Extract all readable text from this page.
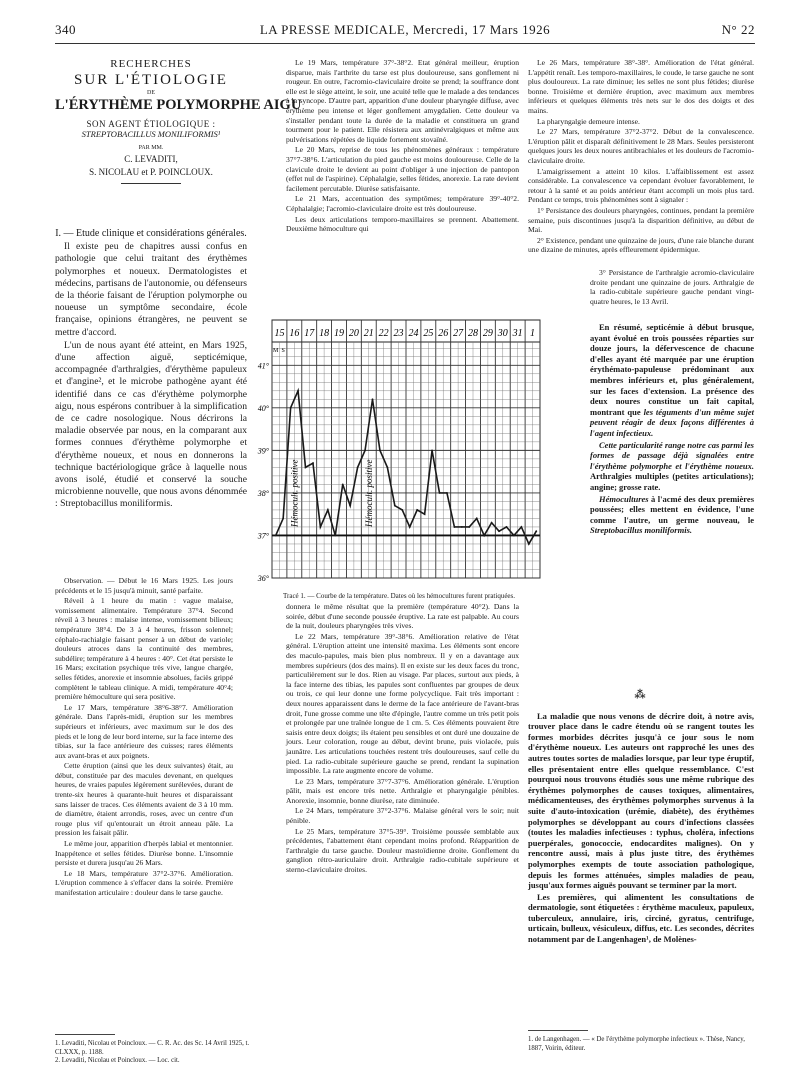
340	LA PRESSE MEDICALE, Mercredi, 17 Mars 1926	N° 22
RECHERCHES
SUR L'ÉTIOLOGIE
DE
L'ÉRYTHÈME POLYMORPHE AIGU
SON AGENT ÉTIOLOGIQUE :
STREPTOBACILLUS MONILIFORMIS¹
PAR MM.
C. LEVADITI,
S. NICOLAU et P. POINCLOUX.

I. — Etude clinique et considérations générales.

Il existe peu de chapitres aussi confus en pathologie que celui traitant des érythèmes polymorphes et noueux. Dermatologistes et médecins, partisans de l'autonomie, ou défenseurs de la théorie faisant de l'éruption polymorphe ou noueuse un symptôme secondaire, école française, opinions étrangères, ne peuvent se mettre d'accord.

L'un de nous ayant été atteint, en Mars 1925, d'une affection aiguë, septicémique, accompagnée d'arthralgies, d'érythème papuleux et d'angine², et le microbe pathogène ayant été identifié dans ce cas d'érythème polymorphe aigu, nous espérons contribuer à la simplification de ce cadre nosologique. Nous décrirons la maladie observée par nous, en la comparant aux formes connues d'érythème polymorphe et d'érythème noueux, et nous en donnerons la technique bactériologique grâce à laquelle nous avons isolé, étudié et conservé la souche microbienne nouvelle, que nous avons dénommée : Streptobacillus moniliformis.

Observation. — Début le 16 Mars 1925. Les jours précédents et le 15 jusqu'à minuit, santé parfaite.

Réveil à 1 heure du matin : vague malaise, vomissement alimentaire. Température 37°4. Second réveil à 3 heures : malaise intense, vomissement bilieux; température 38°4. De 3 à 4 heures, frisson solennel; céphalo-rachialgie faisant penser à un début de variole; douleurs atroces dans la continuité des membres, subdélire; température à 4 heures : 40°. Cet état persiste le 16 Mars; excitation psychique très vive, langue chargée, selles fétides, anorexie et insomnie absolues, faciès grippé complètent le tableau clinique. A midi, température 40°4; première hémoculture qui sera positive.

Le 17 Mars, température 38°6-38°7. Amélioration générale. Dans l'après-midi, éruption sur les membres supérieurs et inférieurs, avec maximum sur le dos des pieds et le long de leur bord interne, sur la face interne des tibias, sur la face antérieure des cuisses; rares éléments aux avant-bras et aux poignets.

Cette éruption (ainsi que les deux suivantes) était, au début, constituée par des macules devenant, en quelques heures, de vraies papules légèrement surélevées, durant de trente-six heures à quarante-huit heures et disparaissant sans laisser de traces. Ces éléments avaient de 3 à 10 mm. de diamètre, étaient arrondis, roses, avec un centre d'un rouge plus vif qu'entourait un étroit anneau pâle. La pression les faisait pâlir.

Le même jour, apparition d'herpès labial et mentonnier. Inappétence et selles fétides. Diurèse bonne. L'insomnie persiste et durera jusqu'au 26 Mars.

Le 18 Mars, température 37°2-37°6. Amélioration. L'éruption commence à s'effacer dans la soirée. Première manifestation articulaire : douleur dans le tarse gauche.

1. Levaditi, Nicolau et Poincloux. — C. R. Ac. des Sc. 14 Avril 1925, t. CLXXX, p. 1188.
2. Levaditi, Nicolau et Poincloux. — Loc. cit.

Le 19 Mars, température 37°-38°2. Etat général meilleur, éruption disparue, mais l'arthrite du tarse est plus douloureuse, sans gonflement ni rougeur. En outre, l'acromio-claviculaire droite se prend; la souffrance dont elle est le siège atteint, le soir, une acuité telle que le malade a des tendances à la syncope. D'autre part, apparition d'une douleur pharyngée diffuse, avec érythème peu intense et léger gonflement amygdalien. Cette douleur va s'installer pendant toute la durée de la maladie et constituera un grand tourment pour le patient. Elle résistera aux antinévralgiques et même aux pulvérisations répétées de liquide fortement stovaïné.

Le 20 Mars, reprise de tous les phénomènes généraux : température 37°7-38°6. L'articulation du pied gauche est moins douloureuse. Celle de la clavicule droite le devient au point d'obliger à une injection de pantopon (effet nul de l'aspirine). Céphalalgie, selles fétides, anorexie. La rate devient facilement percutable. Diurèse satisfaisante.

Le 21 Mars, accentuation des symptômes; température 39°-40°2. Céphalalgie; l'acromio-claviculaire droite est très douloureuse.

Les deux articulations temporo-maxillaires se prennent. Abattement. Deuxième hémoculture qui

15 16 17 18 19 20 21 22 23 24 25 26 27 28 29 30 31 1
M S
41°
40°
39°
38°
37°
36°
Hémocult. positive	Hémocult. positive
Tracé 1. — Courbe de la température. Dates où les hémocultures furent pratiquées.

donnera le même résultat que la première (température 40°2). Dans la soirée, début d'une seconde poussée éruptive. La rate est palpable. Au cours de la nuit, douleurs pharyngées très vives.

Le 22 Mars, température 39°-38°6. Amélioration relative de l'état général. L'éruption atteint une intensité maxima. Les éléments sont encore des maculo-papules, mais bien plus nombreux. Il y en a davantage aux membres supérieurs (dos des mains). Il en existe sur les deux faces du tronc, particulièrement sur le dos. Rien au visage. Par places, surtout aux pieds, à la face interne des tibias, les papules sont confluentes par groupes de deux ou trois, ce qui leur donne une forme polycyclique. Fait très important : deux noures apparaissent dans le derme de la face antérieure de l'avant-bras droit, l'une grosse comme une tête d'épingle, l'autre comme un très petit pois et prolongée par une traînée longue de 1 cm. 5. Ces éléments pouvaient être saisis entre deux doigts; ils étaient peu sensibles et ont duré une douzaine de jours. Leur coloration, rouge au début, devint brune, puis violacée, puis jaunâtre. Les articulations touchées restent très douloureuses, sauf celle du pied. La radio-cubitale supérieure gauche se prend, rendant la supination impossible. La rate augmente encore de volume.

Le 23 Mars, température 37°7-37°6. Amélioration générale. L'éruption pâlit, mais est encore très nette. Arthralgie et pharyngalgie pénibles. Anorexie, insomnie, bonne diurèse, rate diminuée.

Le 24 Mars, température 37°2-37°6. Malaise général vers le soir; nuit pénible.

Le 25 Mars, température 37°5-39°. Troisième poussée semblable aux précédentes, l'abattement étant cependant moins profond. Réapparition de l'arthralgie du tarse gauche. Douleur mastoïdienne droite. Gonflement du ganglion rétro-auriculaire droit. Arthralgie radio-cubitale supérieure et sterno-claviculaire droites.

Le 26 Mars, température 38°-38°. Amélioration de l'état général. L'appétit renaît. Les temporo-maxillaires, le coude, le tarse gauche ne sont plus douloureux. La rate diminue; les selles ne sont plus fétides; diurèse bonne. Troisième et dernière éruption, avec maximum aux membres inférieurs et quelques éléments très nets sur le dos des doigts et des mains.

La pharyngalgie demeure intense.

Le 27 Mars, température 37°2-37°2. Début de la convalescence. L'éruption pâlit et disparaît définitivement le 28 Mars. Seules persisteront quelques jours les deux noures antibrachiales et les douleurs de l'acromio-claviculaire droite.

L'amaigrissement a atteint 10 kilos. L'affaiblissement est assez considérable. La convalescence va cependant évoluer favorablement, le retour à la santé et au poids antérieur étant accompli un mois plus tard. Pendant ce temps, trois phénomènes sont à signaler :

1° Persistance des douleurs pharyngées, continues, pendant la première semaine, puis discontinues jusqu'à la disparition définitive, au début de Mai.

2° Existence, pendant une quinzaine de jours, d'une raie blanche durant une dizaine de minutes, après effleurement épidermique.

3° Persistance de l'arthralgie acromio-claviculaire droite pendant une quinzaine de jours. Arthralgie de la radio-cubitale supérieure gauche pendant vingt-quatre heures, le 13 Avril.

En résumé, septicémie à début brusque, ayant évolué en trois poussées réparties sur douze jours, la défervescence de chacune d'elles ayant été marquée par une éruption érythémato-papuleuse prédominant aux membres inférieurs et, plus généralement, sur les faces d'extension. La présence des deux noures constitue un fait capital, montrant que les téguments d'un même sujet peuvent réagir de deux façons différentes à l'agent infectieux.

Cette particularité range notre cas parmi les formes de passage déjà signalées entre l'érythème polymorphe et l'érythème noueux. Arthralgies multiples (petites articulations); angine; grosse rate.

Hémocultures à l'acmé des deux premières poussées; elles mettent en évidence, l'une comme l'autre, un germe nouveau, le Streptobacillus moniliformis.

⁂

La maladie que nous venons de décrire doit, à notre avis, trouver place dans le cadre étendu où se rangent toutes les formes morbides décrites jusqu'à ce jour sous le nom d'érythème noueux. Les auteurs ont rapproché les unes des autres toutes sortes de maladies lorsque, par leur type éruptif, elles présentaient entre elles quelque ressemblance. C'est pourquoi nous trouvons étudiés sous une même rubrique des érythèmes polymorphes de causes toxiques, alimentaires, médicamenteuses, des érythèmes polymorphes survenus à la suite d'auto-intoxication (urémie, diabète), des érythèmes polymorphes se développant au cours d'infections classées (toutes les maladies infectieuses : typhus, choléra, infections puerpérales, gonococcie, endocardites malignes). On y rencontre aussi, mais à plus juste titre, des érythèmes polymorphes exempts de toute association pathologique, depuis les formes atténuées, simples maladies de peau, jusqu'aux formes aiguës pouvant se terminer par la mort.

Les premières, qui alimentent les consultations de dermatologie, sont étiquetées : érythème maculeux, papuleux, tuberculeux, annulaire, iris, circiné, gyratus, centrifuge, urticain, bulleux, vésiculeux, diffus, etc. Les secondes, décrites notamment par de Langenhagen¹, de Molènes-

1. de Langenhagen. — « De l'érythème polymorphe infectieux ». Thèse, Nancy, 1887, Voirin, éditeur.
